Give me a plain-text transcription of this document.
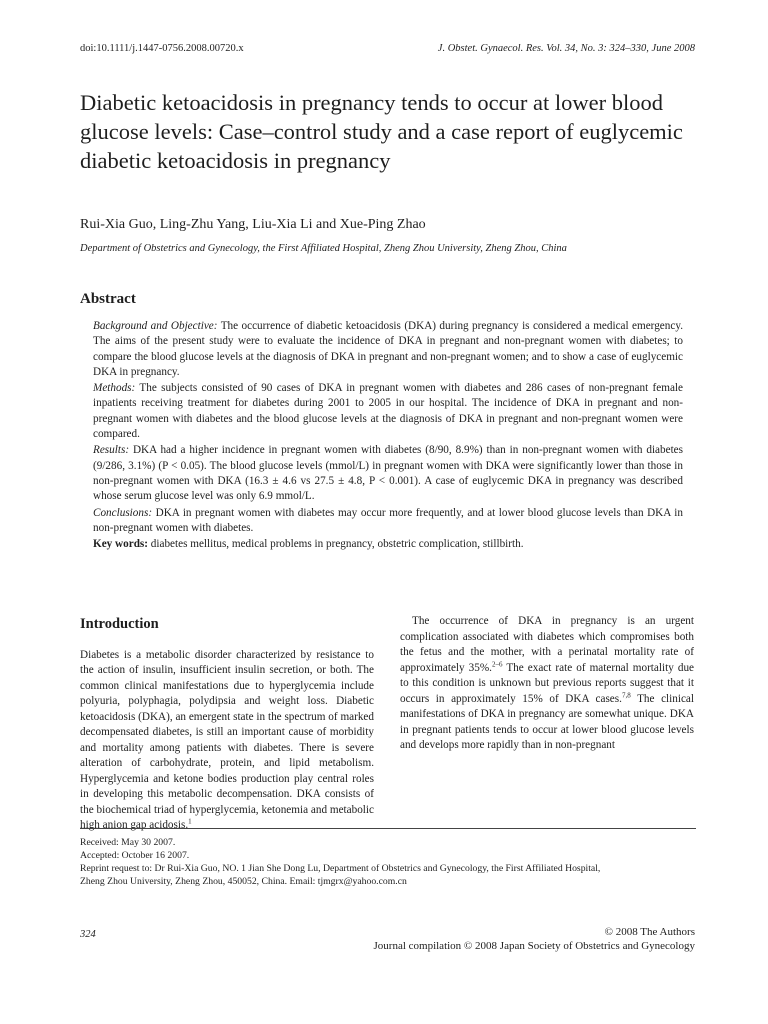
doi:10.1111/j.1447-0756.2008.00720.x	J. Obstet. Gynaecol. Res. Vol. 34, No. 3: 324–330, June 2008
Diabetic ketoacidosis in pregnancy tends to occur at lower blood glucose levels: Case–control study and a case report of euglycemic diabetic ketoacidosis in pregnancy
Rui-Xia Guo, Ling-Zhu Yang, Liu-Xia Li and Xue-Ping Zhao
Department of Obstetrics and Gynecology, the First Affiliated Hospital, Zheng Zhou University, Zheng Zhou, China
Abstract

Background and Objective: The occurrence of diabetic ketoacidosis (DKA) during pregnancy is considered a medical emergency. The aims of the present study were to evaluate the incidence of DKA in pregnant and non-pregnant women with diabetes; to compare the blood glucose levels at the diagnosis of DKA in pregnant and non-pregnant women; and to show a case of euglycemic DKA in pregnancy.

Methods: The subjects consisted of 90 cases of DKA in pregnant women with diabetes and 286 cases of non-pregnant female inpatients receiving treatment for diabetes during 2001 to 2005 in our hospital. The incidence of DKA in pregnant and non-pregnant women with diabetes and the blood glucose levels at the diagnosis of DKA in pregnant and non-pregnant women were compared.

Results: DKA had a higher incidence in pregnant women with diabetes (8/90, 8.9%) than in non-pregnant women with diabetes (9/286, 3.1%) (P < 0.05). The blood glucose levels (mmol/L) in pregnant women with DKA were significantly lower than those in non-pregnant women with DKA (16.3 ± 4.6 vs 27.5 ± 4.8, P < 0.001). A case of euglycemic DKA in pregnancy was described whose serum glucose level was only 6.9 mmol/L.

Conclusions: DKA in pregnant women with diabetes may occur more frequently, and at lower blood glucose levels than DKA in non-pregnant women with diabetes.

Key words: diabetes mellitus, medical problems in pregnancy, obstetric complication, stillbirth.

Introduction

Diabetes is a metabolic disorder characterized by resistance to the action of insulin, insufficient insulin secretion, or both. The common clinical manifestations due to hyperglycemia include polyuria, polyphagia, polydipsia and weight loss. Diabetic ketoacidosis (DKA), an emergent state in the spectrum of marked decompensated diabetes, is still an important cause of morbidity and mortality among patients with diabetes. There is severe alteration of carbohydrate, protein, and lipid metabolism. Hyperglycemia and ketone bodies production play central roles in developing this metabolic decompensation. DKA consists of the biochemical triad of hyperglycemia, ketonemia and metabolic high anion gap acidosis.$^1$

The occurrence of DKA in pregnancy is an urgent complication associated with diabetes which compromises both the fetus and the mother, with a perinatal mortality rate of approximately 35%.$^{2-6}$ The exact rate of maternal mortality due to this condition is unknown but previous reports suggest that it occurs in approximately 15% of DKA cases.$^{7,8}$ The clinical manifestations of DKA in pregnancy are somewhat unique. DKA in pregnant patients tends to occur at lower blood glucose levels and develops more rapidly than in non-pregnant

Received: May 30 2007.
Accepted: October 16 2007.
Reprint request to: Dr Rui-Xia Guo, NO. 1 Jian She Dong Lu, Department of Obstetrics and Gynecology, the First Affiliated Hospital,
Zheng Zhou University, Zheng Zhou, 450052, China. Email: tjmgrx@yahoo.com.cn
324	© 2008 The Authors
Journal compilation © 2008 Japan Society of Obstetrics and Gynecology
